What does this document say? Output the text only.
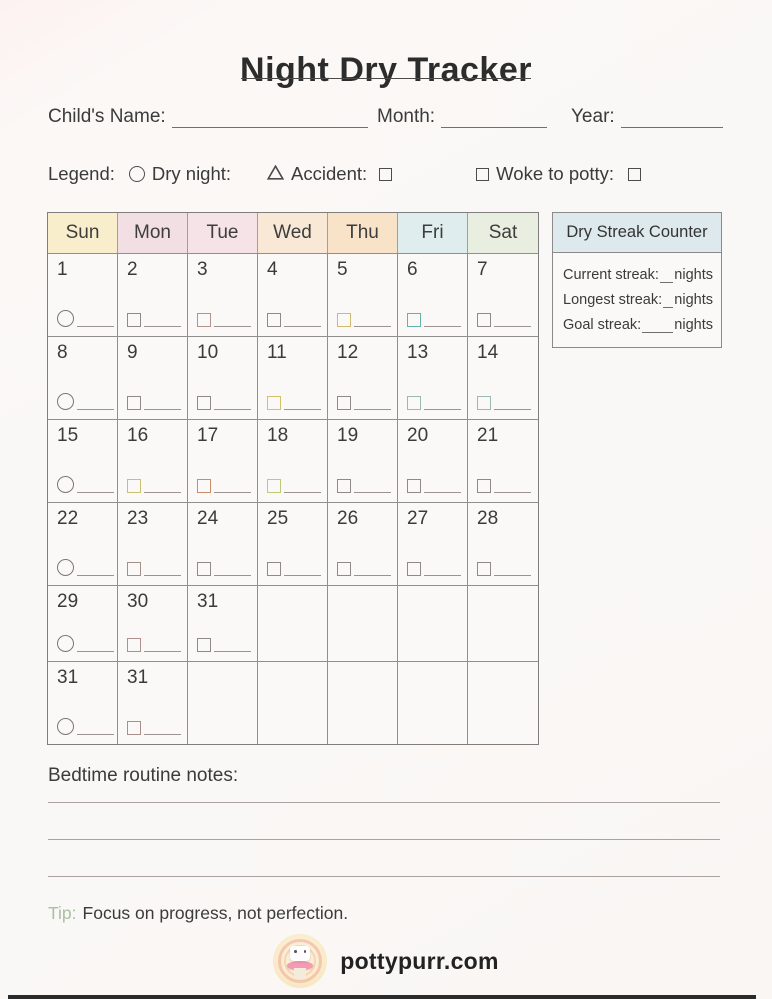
Night Dry Tracker
Child's Name:	Month:	Year:
Legend: Dry night:	Accident:	Woke to potty:
Sun	Mon	Tue	Wed	Thu	Fri	Sat
1	2	3	4	5	6	7
8	9	10	11	12	13	14
15	16	17	18	19	20	21
22	23	24	25	26	27	28
29	30	31
31	31
Dry Streak Counter
Current streak: nights
Longest streak: nights
Goal streak: nights
Bedtime routine notes:
Tip: Focus on progress, not perfection.
pottypurr.com
